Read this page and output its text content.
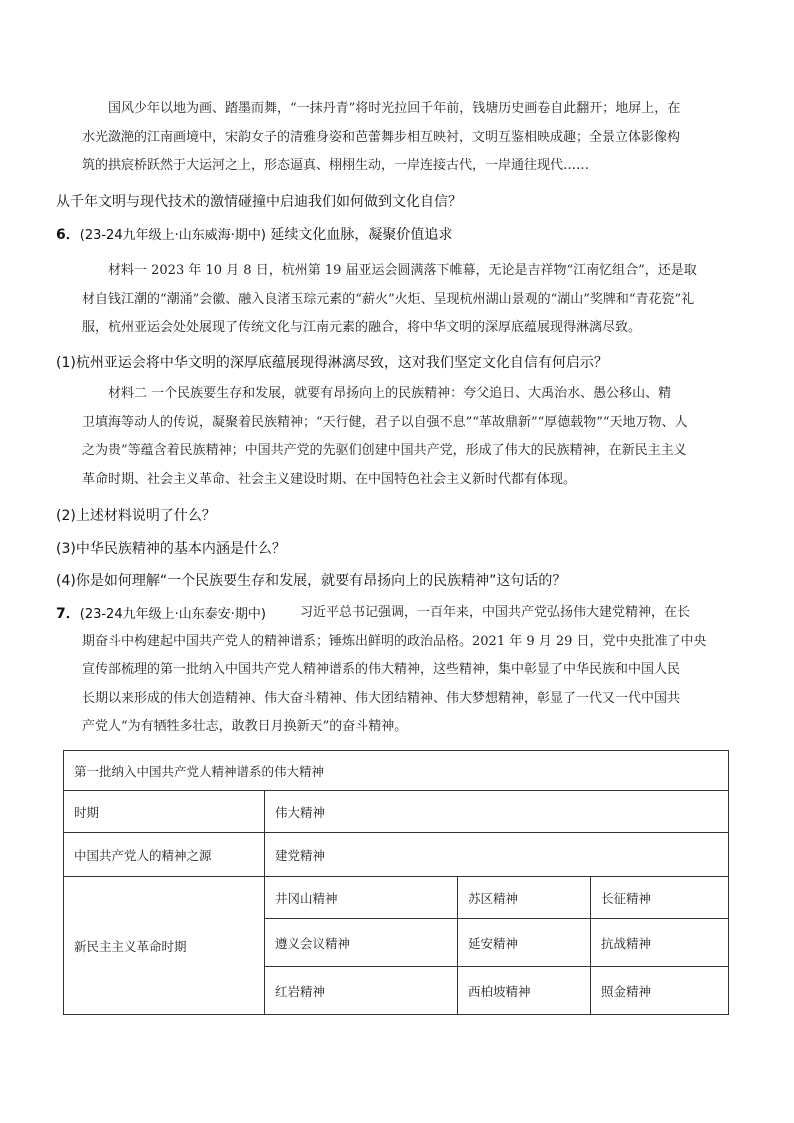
国风少年以地为画、踏墨而舞，“一抹丹青”将时光拉回千年前，钱塘历史画卷自此翻开；地屏上，在
水光潋滟的江南画境中，宋韵女子的清雅身姿和芭蕾舞步相互映衬，文明互鉴相映成趣；全景立体影像构
筑的拱宸桥跃然于大运河之上，形态逼真、栩栩生动，一岸连接古代，一岸通往现代……
从千年文明与现代技术的激情碰撞中启迪我们如何做到文化自信？
6．(23-24九年级上·山东威海·期中) 延续文化血脉，凝聚价值追求
材料一 2023 年 10 月 8 日，杭州第 19 届亚运会圆满落下帷幕，无论是吉祥物“江南忆组合”，还是取
材自钱江潮的“潮涌”会徽、融入良渚玉琮元素的“薪火”火炬、呈现杭州湖山景观的“湖山”奖牌和“青花瓷”礼
服，杭州亚运会处处展现了传统文化与江南元素的融合，将中华文明的深厚底蕴展现得淋漓尽致。
(1)杭州亚运会将中华文明的深厚底蕴展现得淋漓尽致，这对我们坚定文化自信有何启示？
材料二 一个民族要生存和发展，就要有昂扬向上的民族精神：夸父追日、大禹治水、愚公移山、精
卫填海等动人的传说，凝聚着民族精神；“天行健，君子以自强不息”“革故鼎新”“厚德载物”“天地万物、人
之为贵”等蕴含着民族精神；中国共产党的先驱们创建中国共产党，形成了伟大的民族精神，在新民主主义
革命时期、社会主义革命、社会主义建设时期、在中国特色社会主义新时代都有体现。
(2)上述材料说明了什么？
(3)中华民族精神的基本内涵是什么？
(4)你是如何理解“一个民族要生存和发展，就要有昂扬向上的民族精神”这句话的？
7．(23-24九年级上·山东泰安·期中)	习近平总书记强调，一百年来，中国共产党弘扬伟大建党精神，在长
期奋斗中构建起中国共产党人的精神谱系；锤炼出鲜明的政治品格。2021 年 9 月 29 日，党中央批准了中央
宣传部梳理的第一批纳入中国共产党人精神谱系的伟大精神，这些精神，集中彰显了中华民族和中国人民
长期以来形成的伟大创造精神、伟大奋斗精神、伟大团结精神、伟大梦想精神，彰显了一代又一代中国共
产党人“为有牺牲多壮志，敢教日月换新天”的奋斗精神。
第一批纳入中国共产党人精神谱系的伟大精神			
时期	伟大精神		
中国共产党人的精神之源	建党精神		
新民主主义革命时期	井冈山精神	苏区精神	长征精神
	遵义会议精神	延安精神	抗战精神
	红岩精神	西柏坡精神	照金精神
